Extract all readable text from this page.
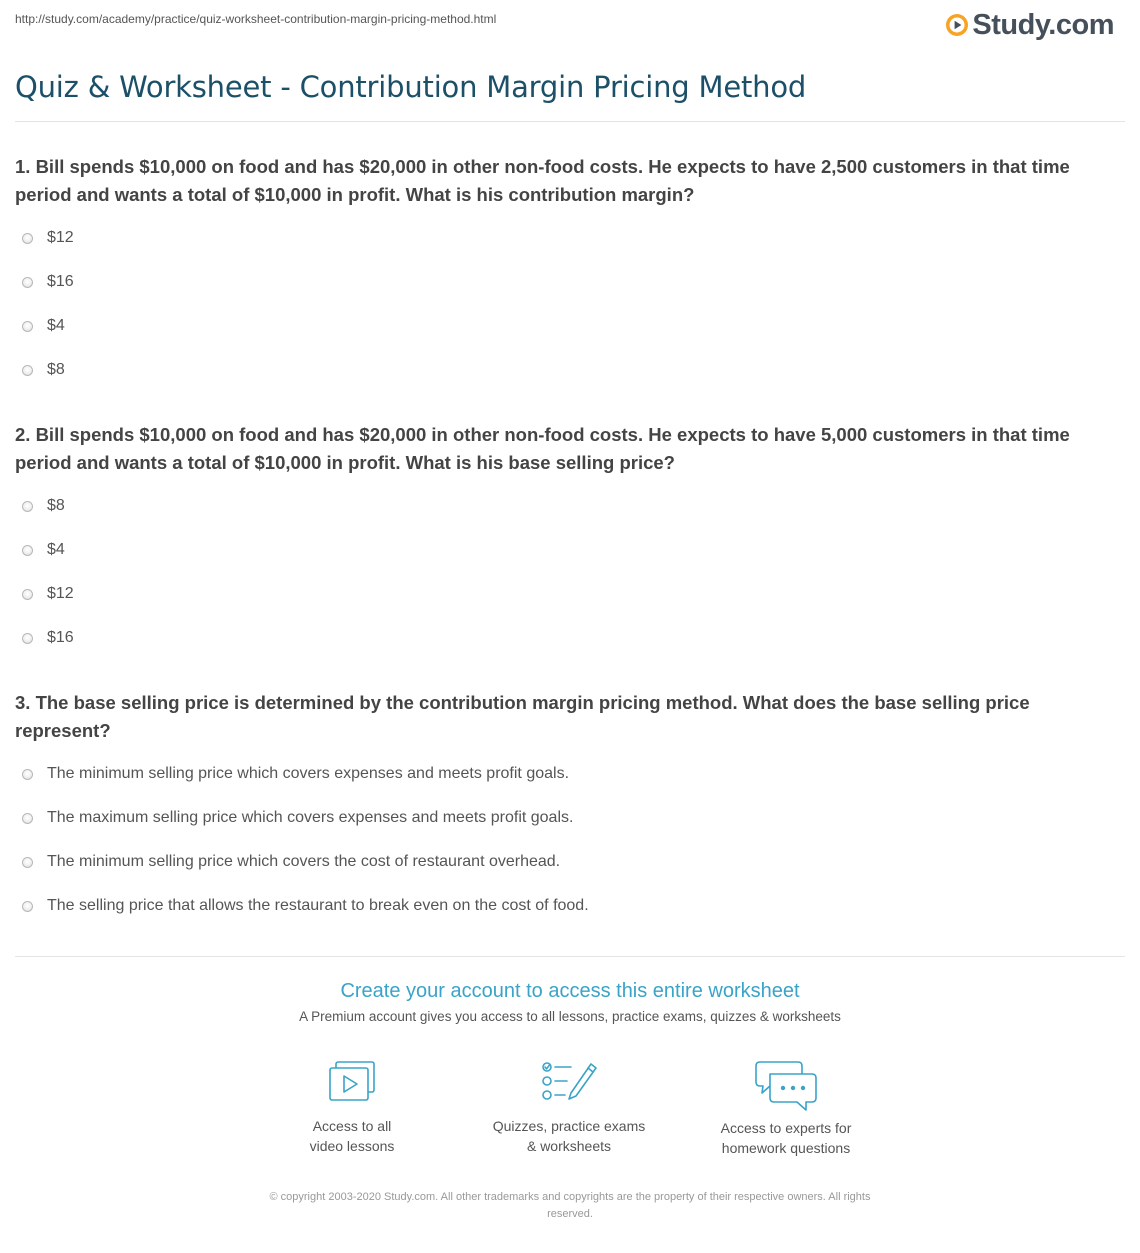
http://study.com/academy/practice/quiz-worksheet-contribution-margin-pricing-method.html	Study.com
Quiz & Worksheet - Contribution Margin Pricing Method

1. Bill spends $10,000 on food and has $20,000 in other non-food costs. He expects to have 2,500 customers in that time period and wants a total of $10,000 in profit. What is his contribution margin?

$12
$16
$4
$8

2. Bill spends $10,000 on food and has $20,000 in other non-food costs. He expects to have 5,000 customers in that time period and wants a total of $10,000 in profit. What is his base selling price?

$8
$4
$12
$16

3. The base selling price is determined by the contribution margin pricing method. What does the base selling price represent?

The minimum selling price which covers expenses and meets profit goals.
The maximum selling price which covers expenses and meets profit goals.
The minimum selling price which covers the cost of restaurant overhead.
The selling price that allows the restaurant to break even on the cost of food.
Create your account to access this entire worksheet
A Premium account gives you access to all lessons, practice exams, quizzes & worksheets
Access to all
video lessons
Quizzes, practice exams
& worksheets
Access to experts for
homework questions
© copyright 2003-2020 Study.com. All other trademarks and copyrights are the property of their respective owners. All rights
reserved.
